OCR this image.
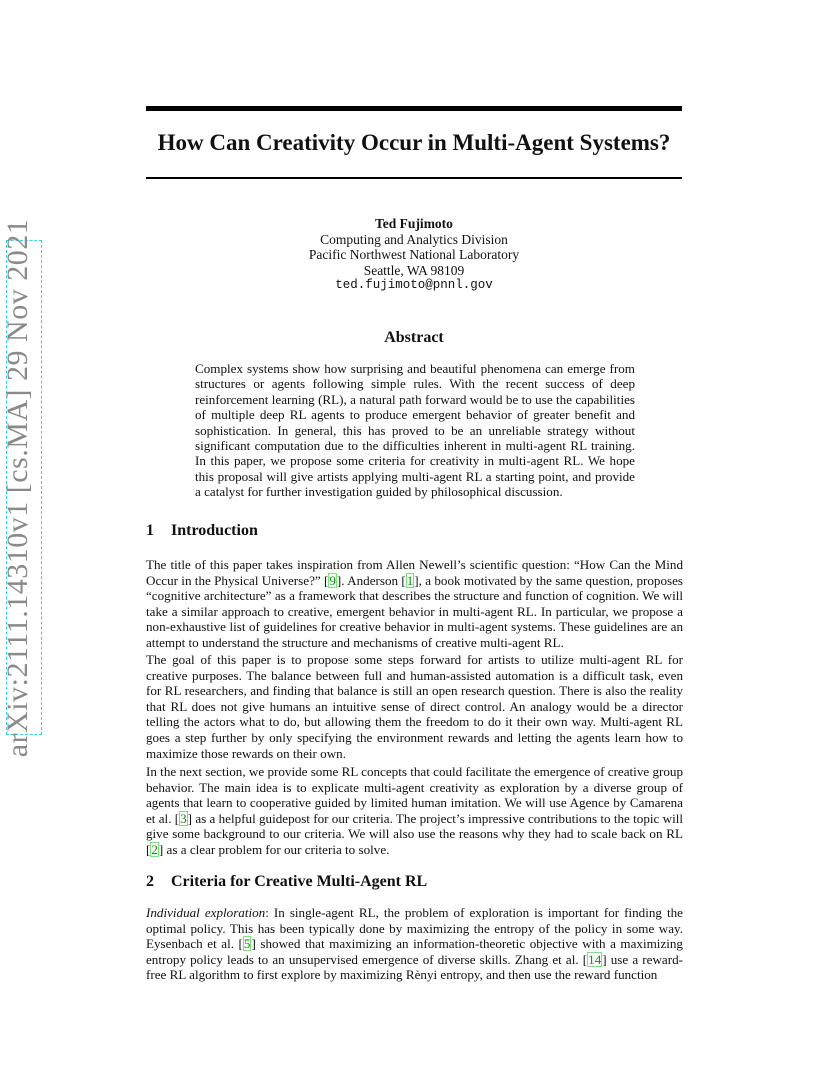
arXiv:2111.14310v1 [cs.MA] 29 Nov 2021
How Can Creativity Occur in Multi-Agent Systems?
Ted Fujimoto
Computing and Analytics Division
Pacific Northwest National Laboratory
Seattle, WA 98109
ted.fujimoto@pnnl.gov
Abstract
Complex systems show how surprising and beautiful phenomena can emerge from structures or agents following simple rules. With the recent success of deep reinforcement learning (RL), a natural path forward would be to use the capabilities of multiple deep RL agents to produce emergent behavior of greater benefit and sophistication. In general, this has proved to be an unreliable strategy without significant computation due to the difficulties inherent in multi-agent RL training. In this paper, we propose some criteria for creativity in multi-agent RL. We hope this proposal will give artists applying multi-agent RL a starting point, and provide a catalyst for further investigation guided by philosophical discussion.
1 Introduction
The title of this paper takes inspiration from Allen Newell’s scientific question: “How Can the Mind Occur in the Physical Universe?” [9]. Anderson [1], a book motivated by the same question, proposes “cognitive architecture” as a framework that describes the structure and function of cognition. We will take a similar approach to creative, emergent behavior in multi-agent RL. In particular, we propose a non-exhaustive list of guidelines for creative behavior in multi-agent systems. These guidelines are an attempt to understand the structure and mechanisms of creative multi-agent RL.
The goal of this paper is to propose some steps forward for artists to utilize multi-agent RL for creative purposes. The balance between full and human-assisted automation is a difficult task, even for RL researchers, and finding that balance is still an open research question. There is also the reality that RL does not give humans an intuitive sense of direct control. An analogy would be a director telling the actors what to do, but allowing them the freedom to do it their own way. Multi-agent RL goes a step further by only specifying the environment rewards and letting the agents learn how to maximize those rewards on their own.
In the next section, we provide some RL concepts that could facilitate the emergence of creative group behavior. The main idea is to explicate multi-agent creativity as exploration by a diverse group of agents that learn to cooperative guided by limited human imitation. We will use Agence by Camarena et al. [3] as a helpful guidepost for our criteria. The project’s impressive contributions to the topic will give some background to our criteria. We will also use the reasons why they had to scale back on RL [2] as a clear problem for our criteria to solve.
2 Criteria for Creative Multi-Agent RL
Individual exploration: In single-agent RL, the problem of exploration is important for finding the optimal policy. This has been typically done by maximizing the entropy of the policy in some way. Eysenbach et al. [5] showed that maximizing an information-theoretic objective with a maximizing entropy policy leads to an unsupervised emergence of diverse skills. Zhang et al. [14] use a reward-free RL algorithm to first explore by maximizing Rènyi entropy, and then use the reward function
